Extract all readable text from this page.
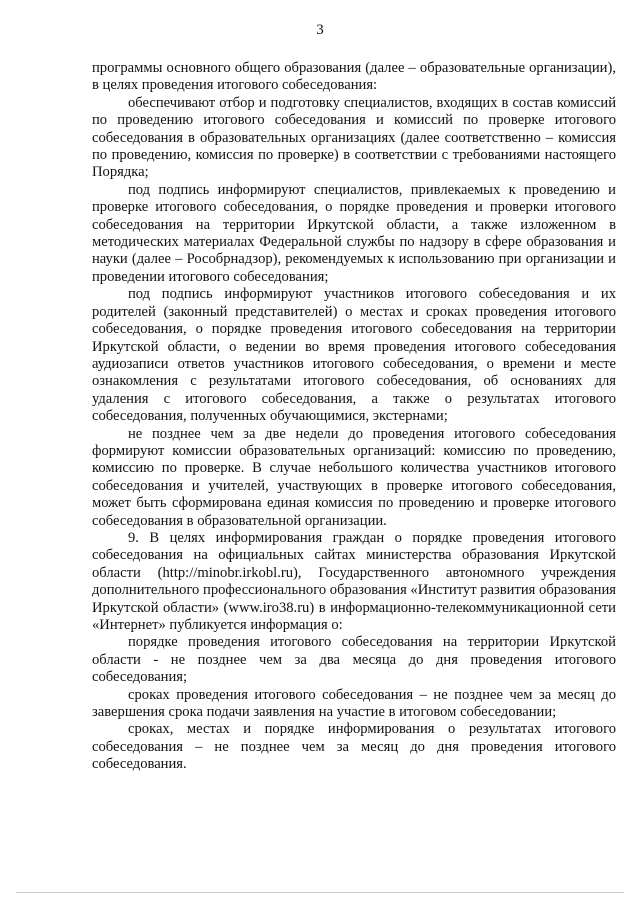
3

программы основного общего образования (далее – образовательные организации), в целях проведения итогового собеседования:

обеспечивают отбор и подготовку специалистов, входящих в состав комиссий по проведению итогового собеседования и комиссий по проверке итогового собеседования в образовательных организациях (далее соответственно – комиссия по проведению, комиссия по проверке) в соответствии с требованиями настоящего Порядка;

под подпись информируют специалистов, привлекаемых к проведению и проверке итогового собеседования, о порядке проведения и проверки итогового собеседования на территории Иркутской области, а также изложенном в методических материалах Федеральной службы по надзору в сфере образования и науки (далее – Рособрнадзор), рекомендуемых к использованию при организации и проведении итогового собеседования;

под подпись информируют участников итогового собеседования и их родителей (законный представителей) о местах и сроках проведения итогового собеседования, о порядке проведения итогового собеседования на территории Иркутской области, о ведении во время проведения итогового собеседования аудиозаписи ответов участников итогового собеседования, о времени и месте ознакомления с результатами итогового собеседования, об основаниях для удаления с итогового собеседования, а также о результатах итогового собеседования, полученных обучающимися, экстернами;

не позднее чем за две недели до проведения итогового собеседования формируют комиссии образовательных организаций: комиссию по проведению, комиссию по проверке. В случае небольшого количества участников итогового собеседования и учителей, участвующих в проверке итогового собеседования, может быть сформирована единая комиссия по проведению и проверке итогового собеседования в образовательной организации.

9. В целях информирования граждан о порядке проведения итогового собеседования на официальных сайтах министерства образования Иркутской области (http://minobr.irkobl.ru), Государственного автономного учреждения дополнительного профессионального образования «Институт развития образования Иркутской области» (www.iro38.ru) в информационно-телекоммуникационной сети «Интернет» публикуется информация о:

порядке проведения итогового собеседования на территории Иркутской области - не позднее чем за два месяца до дня проведения итогового собеседования;

сроках проведения итогового собеседования – не позднее чем за месяц до завершения срока подачи заявления на участие в итоговом собеседовании;

сроках, местах и порядке информирования о результатах итогового собеседования – не позднее чем за месяц до дня проведения итогового собеседования.
